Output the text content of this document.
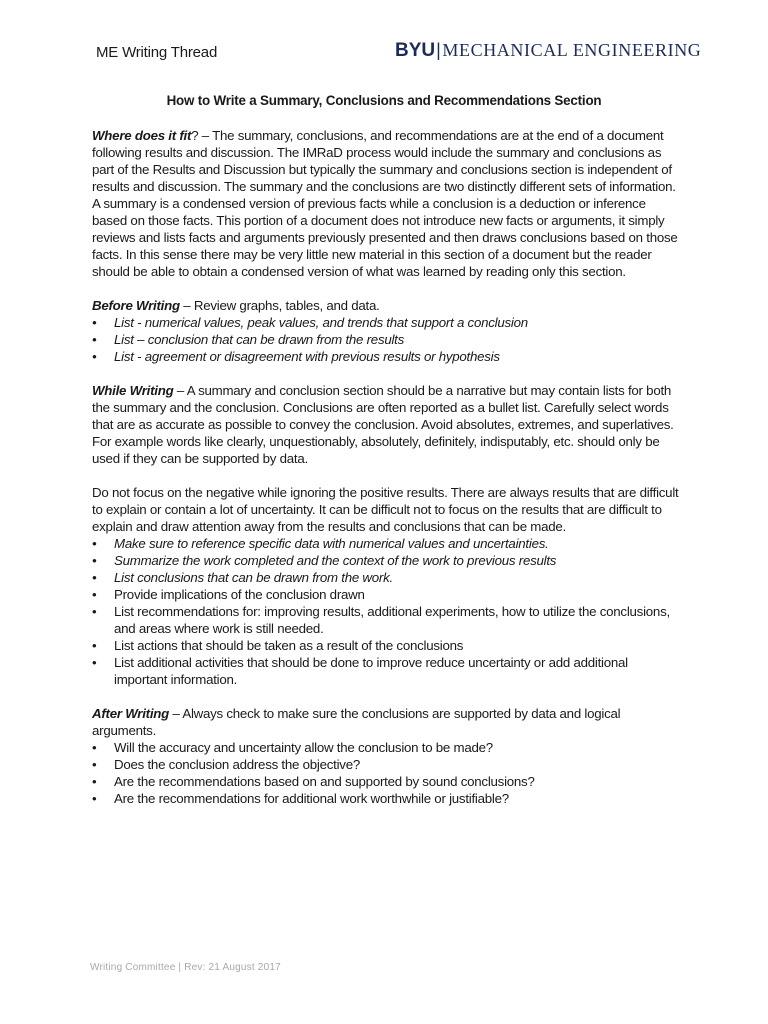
ME Writing Thread	BYU|MECHANICAL ENGINEERING
How to Write a Summary, Conclusions and Recommendations Section

Where does it fit? – The summary, conclusions, and recommendations are at the end of a document following results and discussion. The IMRaD process would include the summary and conclusions as part of the Results and Discussion but typically the summary and conclusions section is independent of results and discussion. The summary and the conclusions are two distinctly different sets of information. A summary is a condensed version of previous facts while a conclusion is a deduction or inference based on those facts. This portion of a document does not introduce new facts or arguments, it simply reviews and lists facts and arguments previously presented and then draws conclusions based on those facts. In this sense there may be very little new material in this section of a document but the reader should be able to obtain a condensed version of what was learned by reading only this section.

Before Writing – Review graphs, tables, and data.

• List - numerical values, peak values, and trends that support a conclusion
• List – conclusion that can be drawn from the results
• List - agreement or disagreement with previous results or hypothesis

While Writing – A summary and conclusion section should be a narrative but may contain lists for both the summary and the conclusion. Conclusions are often reported as a bullet list. Carefully select words that are as accurate as possible to convey the conclusion. Avoid absolutes, extremes, and superlatives. For example words like clearly, unquestionably, absolutely, definitely, indisputably, etc. should only be used if they can be supported by data.

Do not focus on the negative while ignoring the positive results. There are always results that are difficult to explain or contain a lot of uncertainty. It can be difficult not to focus on the results that are difficult to explain and draw attention away from the results and conclusions that can be made.

• Make sure to reference specific data with numerical values and uncertainties.
• Summarize the work completed and the context of the work to previous results
• List conclusions that can be drawn from the work.
• Provide implications of the conclusion drawn
• List recommendations for: improving results, additional experiments, how to utilize the conclusions, and areas where work is still needed.
• List actions that should be taken as a result of the conclusions
• List additional activities that should be done to improve reduce uncertainty or add additional important information.

After Writing – Always check to make sure the conclusions are supported by data and logical arguments.

• Will the accuracy and uncertainty allow the conclusion to be made?
• Does the conclusion address the objective?
• Are the recommendations based on and supported by sound conclusions?
• Are the recommendations for additional work worthwhile or justifiable?
Writing Committee | Rev: 21 August 2017
